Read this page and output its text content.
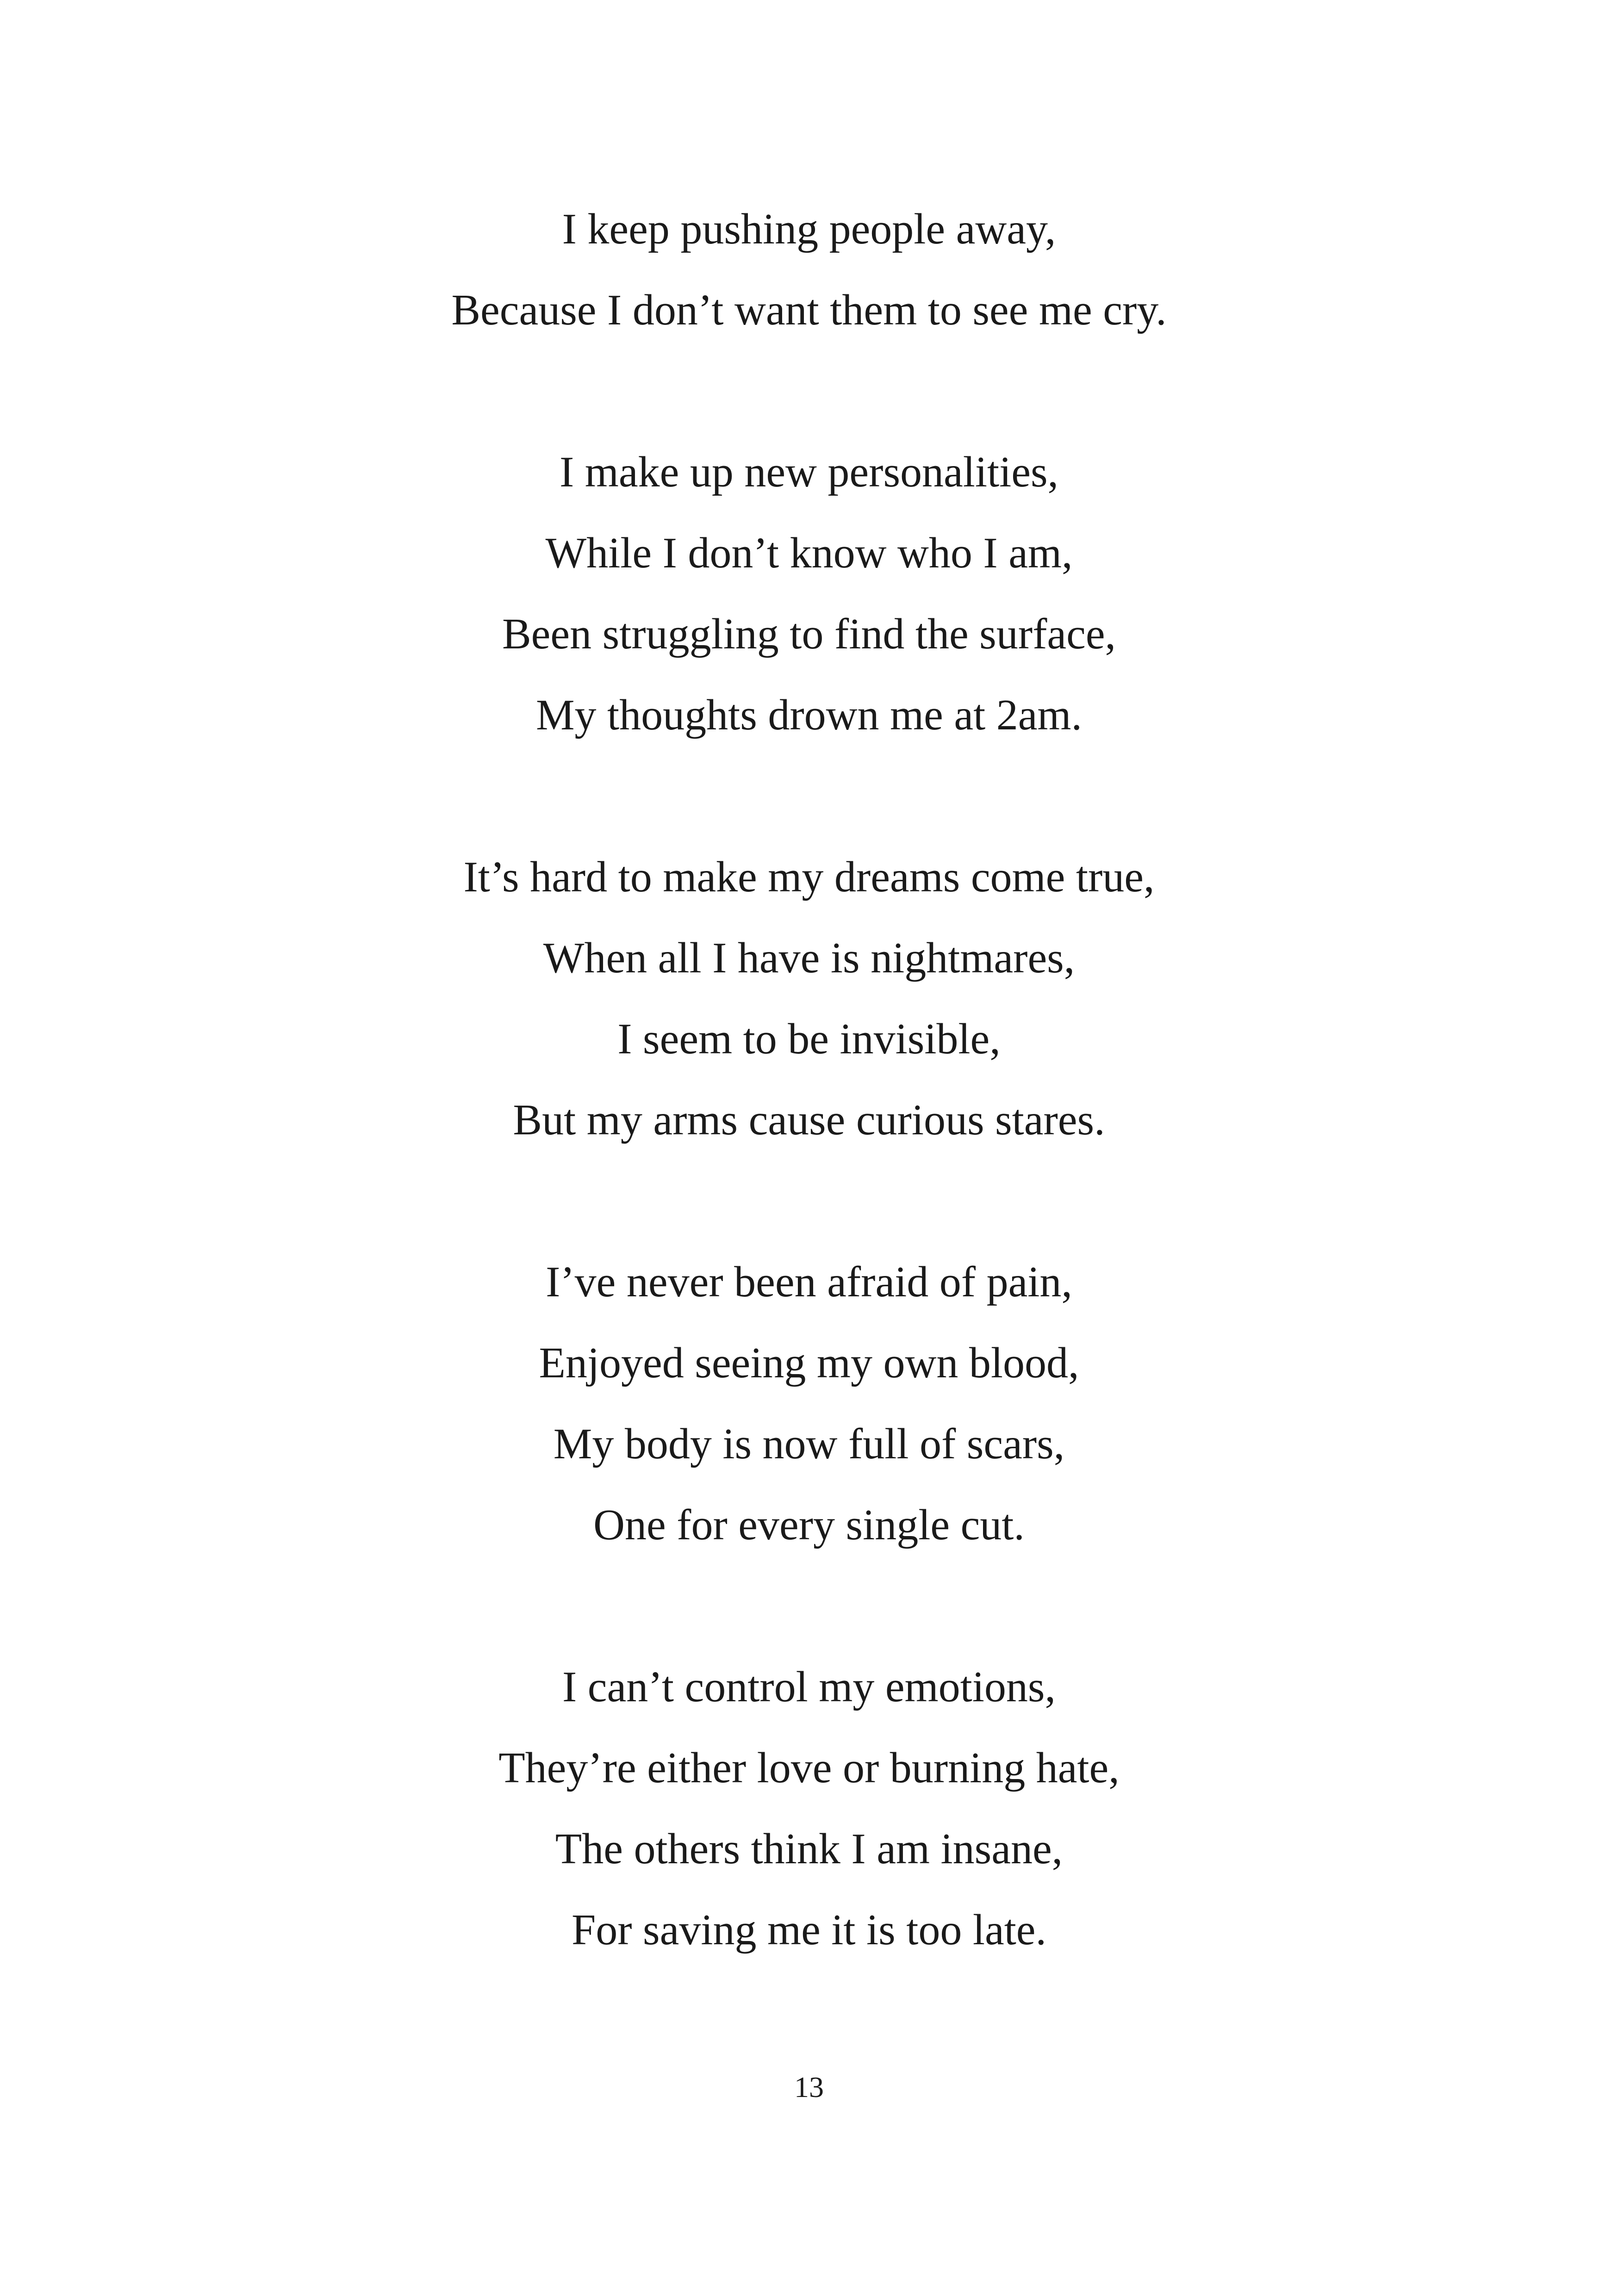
I keep pushing people away,
Because I don’t want them to see me cry.
I make up new personalities,
While I don’t know who I am,
Been struggling to find the surface,
My thoughts drown me at 2am.
It’s hard to make my dreams come true,
When all I have is nightmares,
I seem to be invisible,
But my arms cause curious stares.
I’ve never been afraid of pain,
Enjoyed seeing my own blood,
My body is now full of scars,
One for every single cut.
I can’t control my emotions,
They’re either love or burning hate,
The others think I am insane,
For saving me it is too late.
13
